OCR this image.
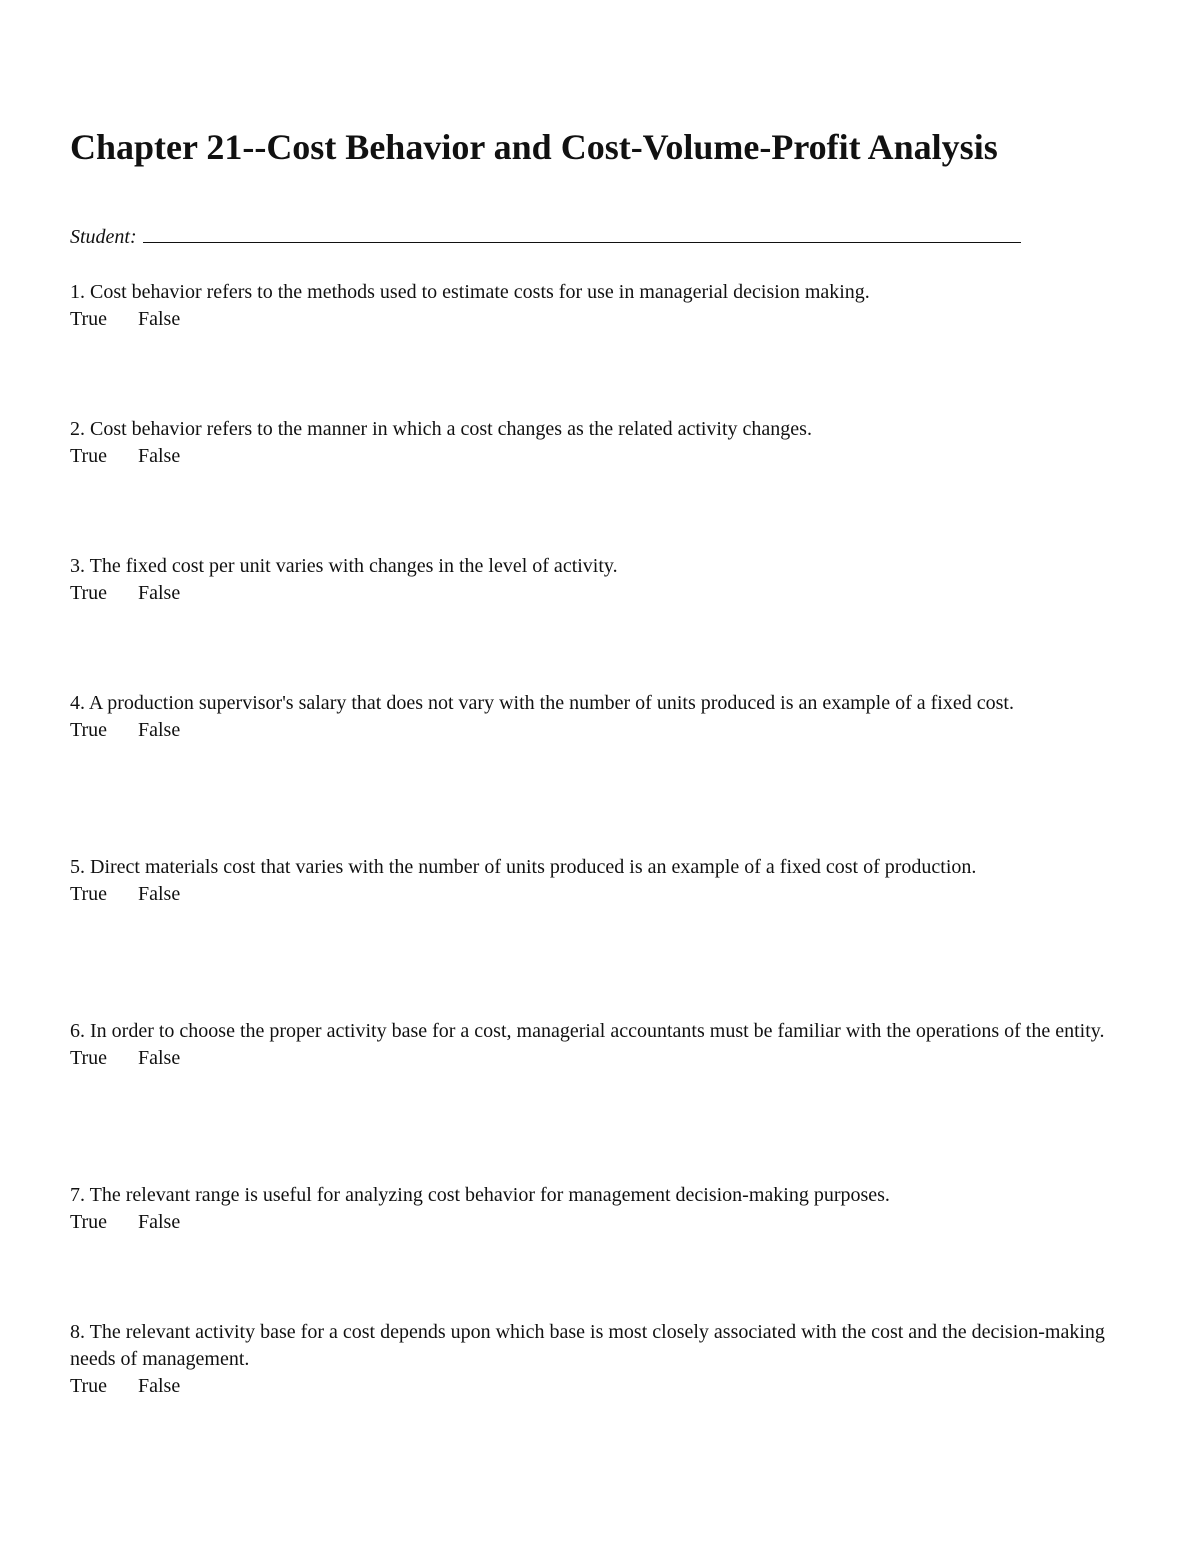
Chapter 21--Cost Behavior and Cost-Volume-Profit Analysis
Student:

1. Cost behavior refers to the methods used to estimate costs for use in managerial decision making.

True False

2. Cost behavior refers to the manner in which a cost changes as the related activity changes.

True False

3. The fixed cost per unit varies with changes in the level of activity.

True False

4. A production supervisor's salary that does not vary with the number of units produced is an example of a fixed cost.

True False

5. Direct materials cost that varies with the number of units produced is an example of a fixed cost of production.

True False

6. In order to choose the proper activity base for a cost, managerial accountants must be familiar with the operations of the entity.

True False

7. The relevant range is useful for analyzing cost behavior for management decision-making purposes.

True False

8. The relevant activity base for a cost depends upon which base is most closely associated with the cost and the decision-making needs of management.

True False
